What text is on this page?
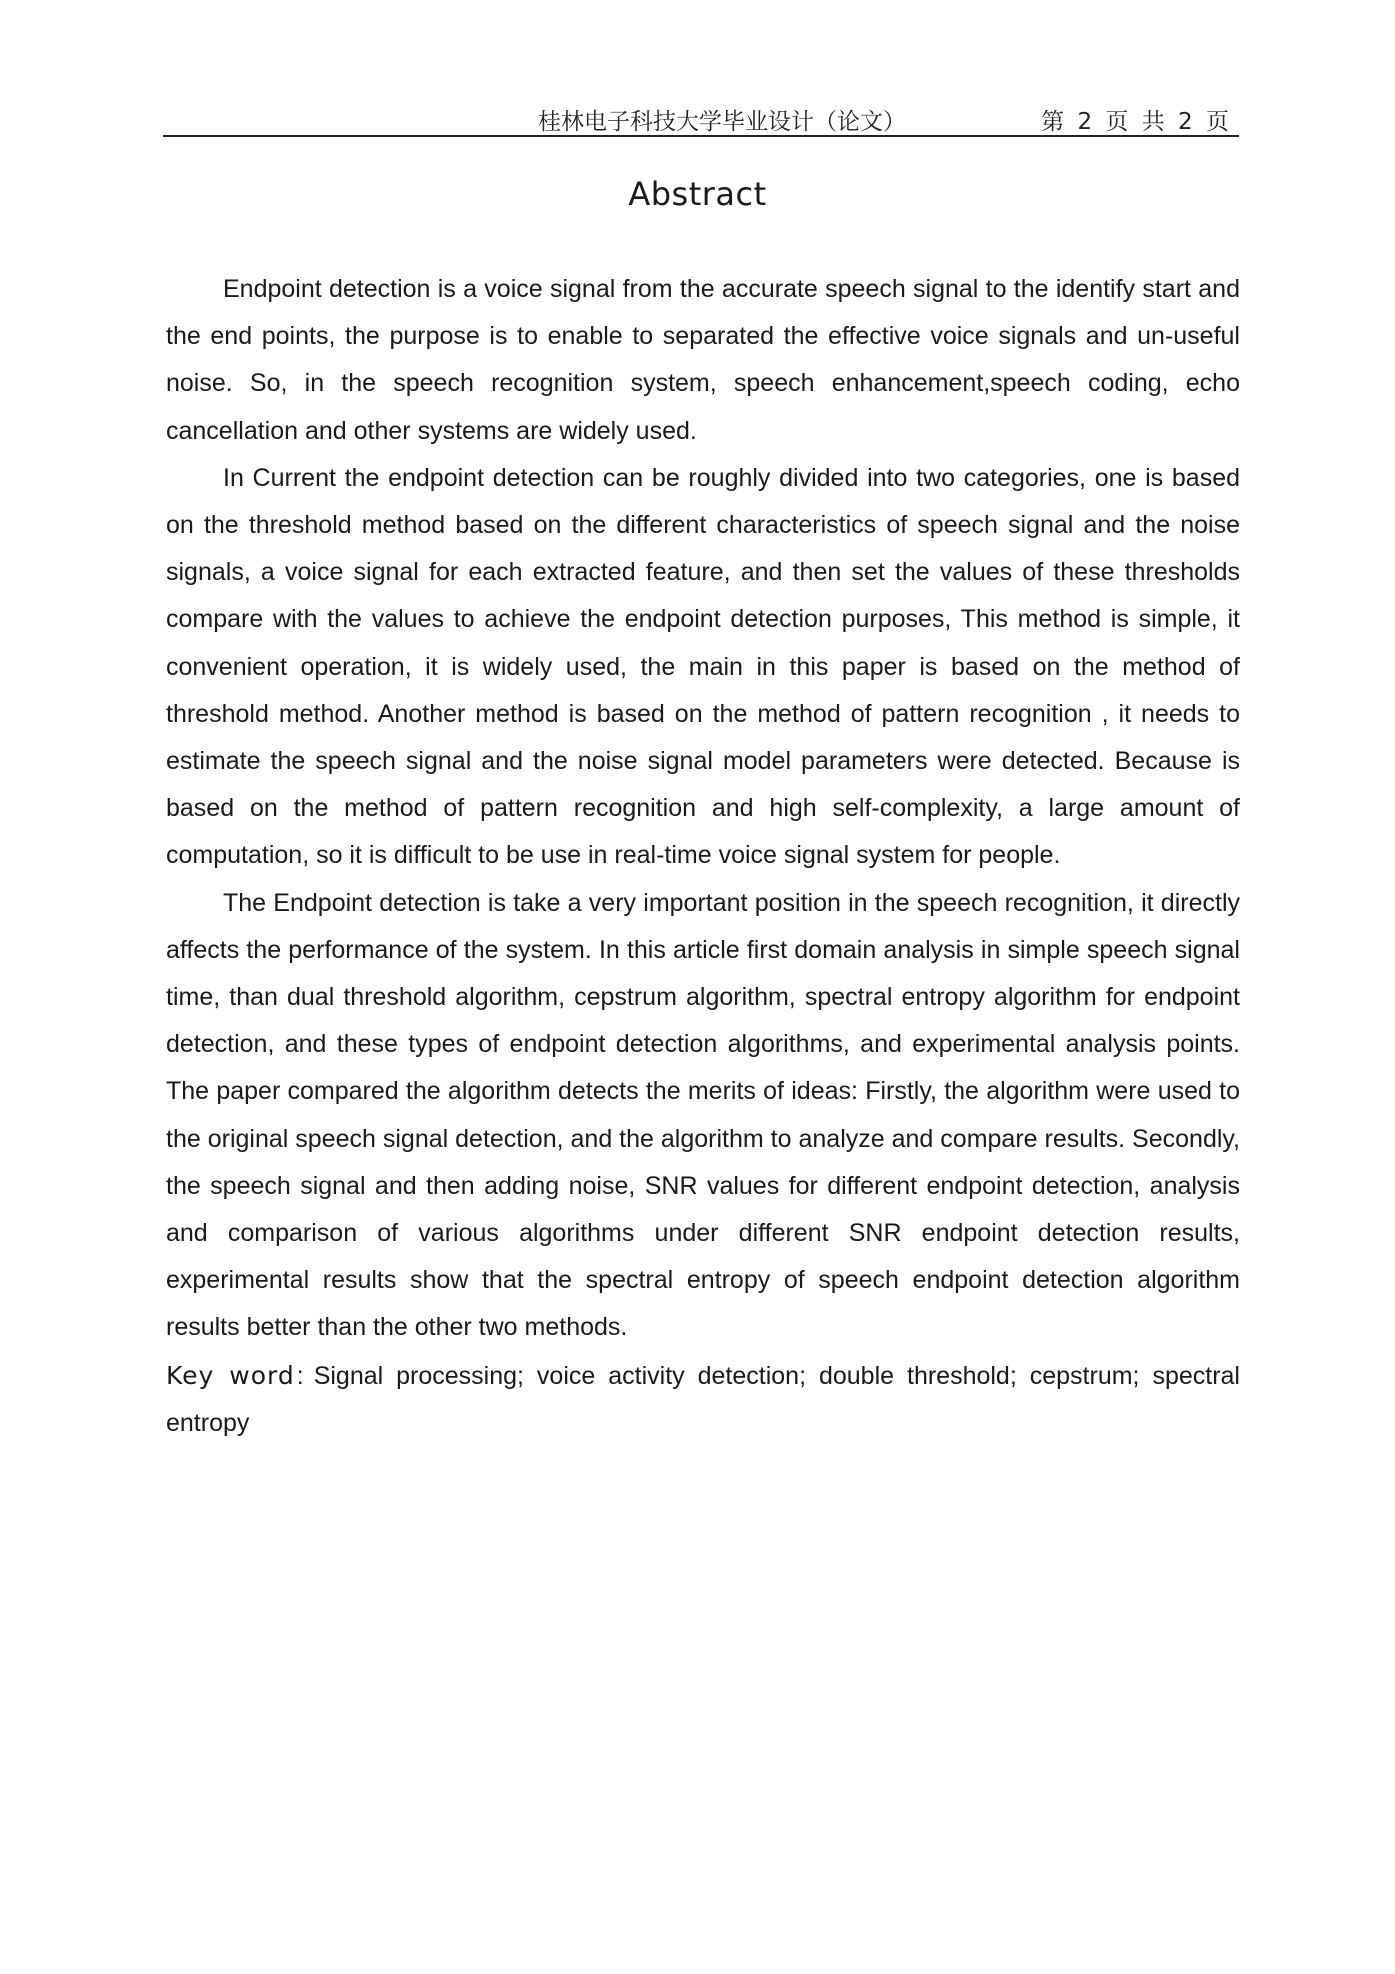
桂林电子科技大学毕业设计（论文）	第 2 页 共 2 页
Abstract

Endpoint detection is a voice signal from the accurate speech signal to the identify start and the end points, the purpose is to enable to separated the effective voice signals and un-useful noise. So, in the speech recognition system, speech enhancement,speech coding, echo cancellation and other systems are widely used.

In Current the endpoint detection can be roughly divided into two categories, one is based on the threshold method based on the different characteristics of speech signal and the noise signals, a voice signal for each extracted feature, and then set the values of these thresholds compare with the values to achieve the endpoint detection purposes, This method is simple, it convenient operation, it is widely used, the main in this paper is based on the method of threshold method. Another method is based on the method of pattern recognition , it needs to estimate the speech signal and the noise signal model parameters were detected. Because is based on the method of pattern recognition and high self-complexity, a large amount of computation, so it is difficult to be use in real-time voice signal system for people.

The Endpoint detection is take a very important position in the speech recognition, it directly affects the performance of the system. In this article first domain analysis in simple speech signal time, than dual threshold algorithm, cepstrum algorithm, spectral entropy algorithm for endpoint detection, and these types of endpoint detection algorithms, and experimental analysis points. The paper compared the algorithm detects the merits of ideas: Firstly, the algorithm were used to the original speech signal detection, and the algorithm to analyze and compare results. Secondly, the speech signal and then adding noise, SNR values for different endpoint detection, analysis and comparison of various algorithms under different SNR endpoint detection results, experimental results show that the spectral entropy of speech endpoint detection algorithm results better than the other two methods.

Key word: Signal processing; voice activity detection; double threshold; cepstrum; spectral entropy
